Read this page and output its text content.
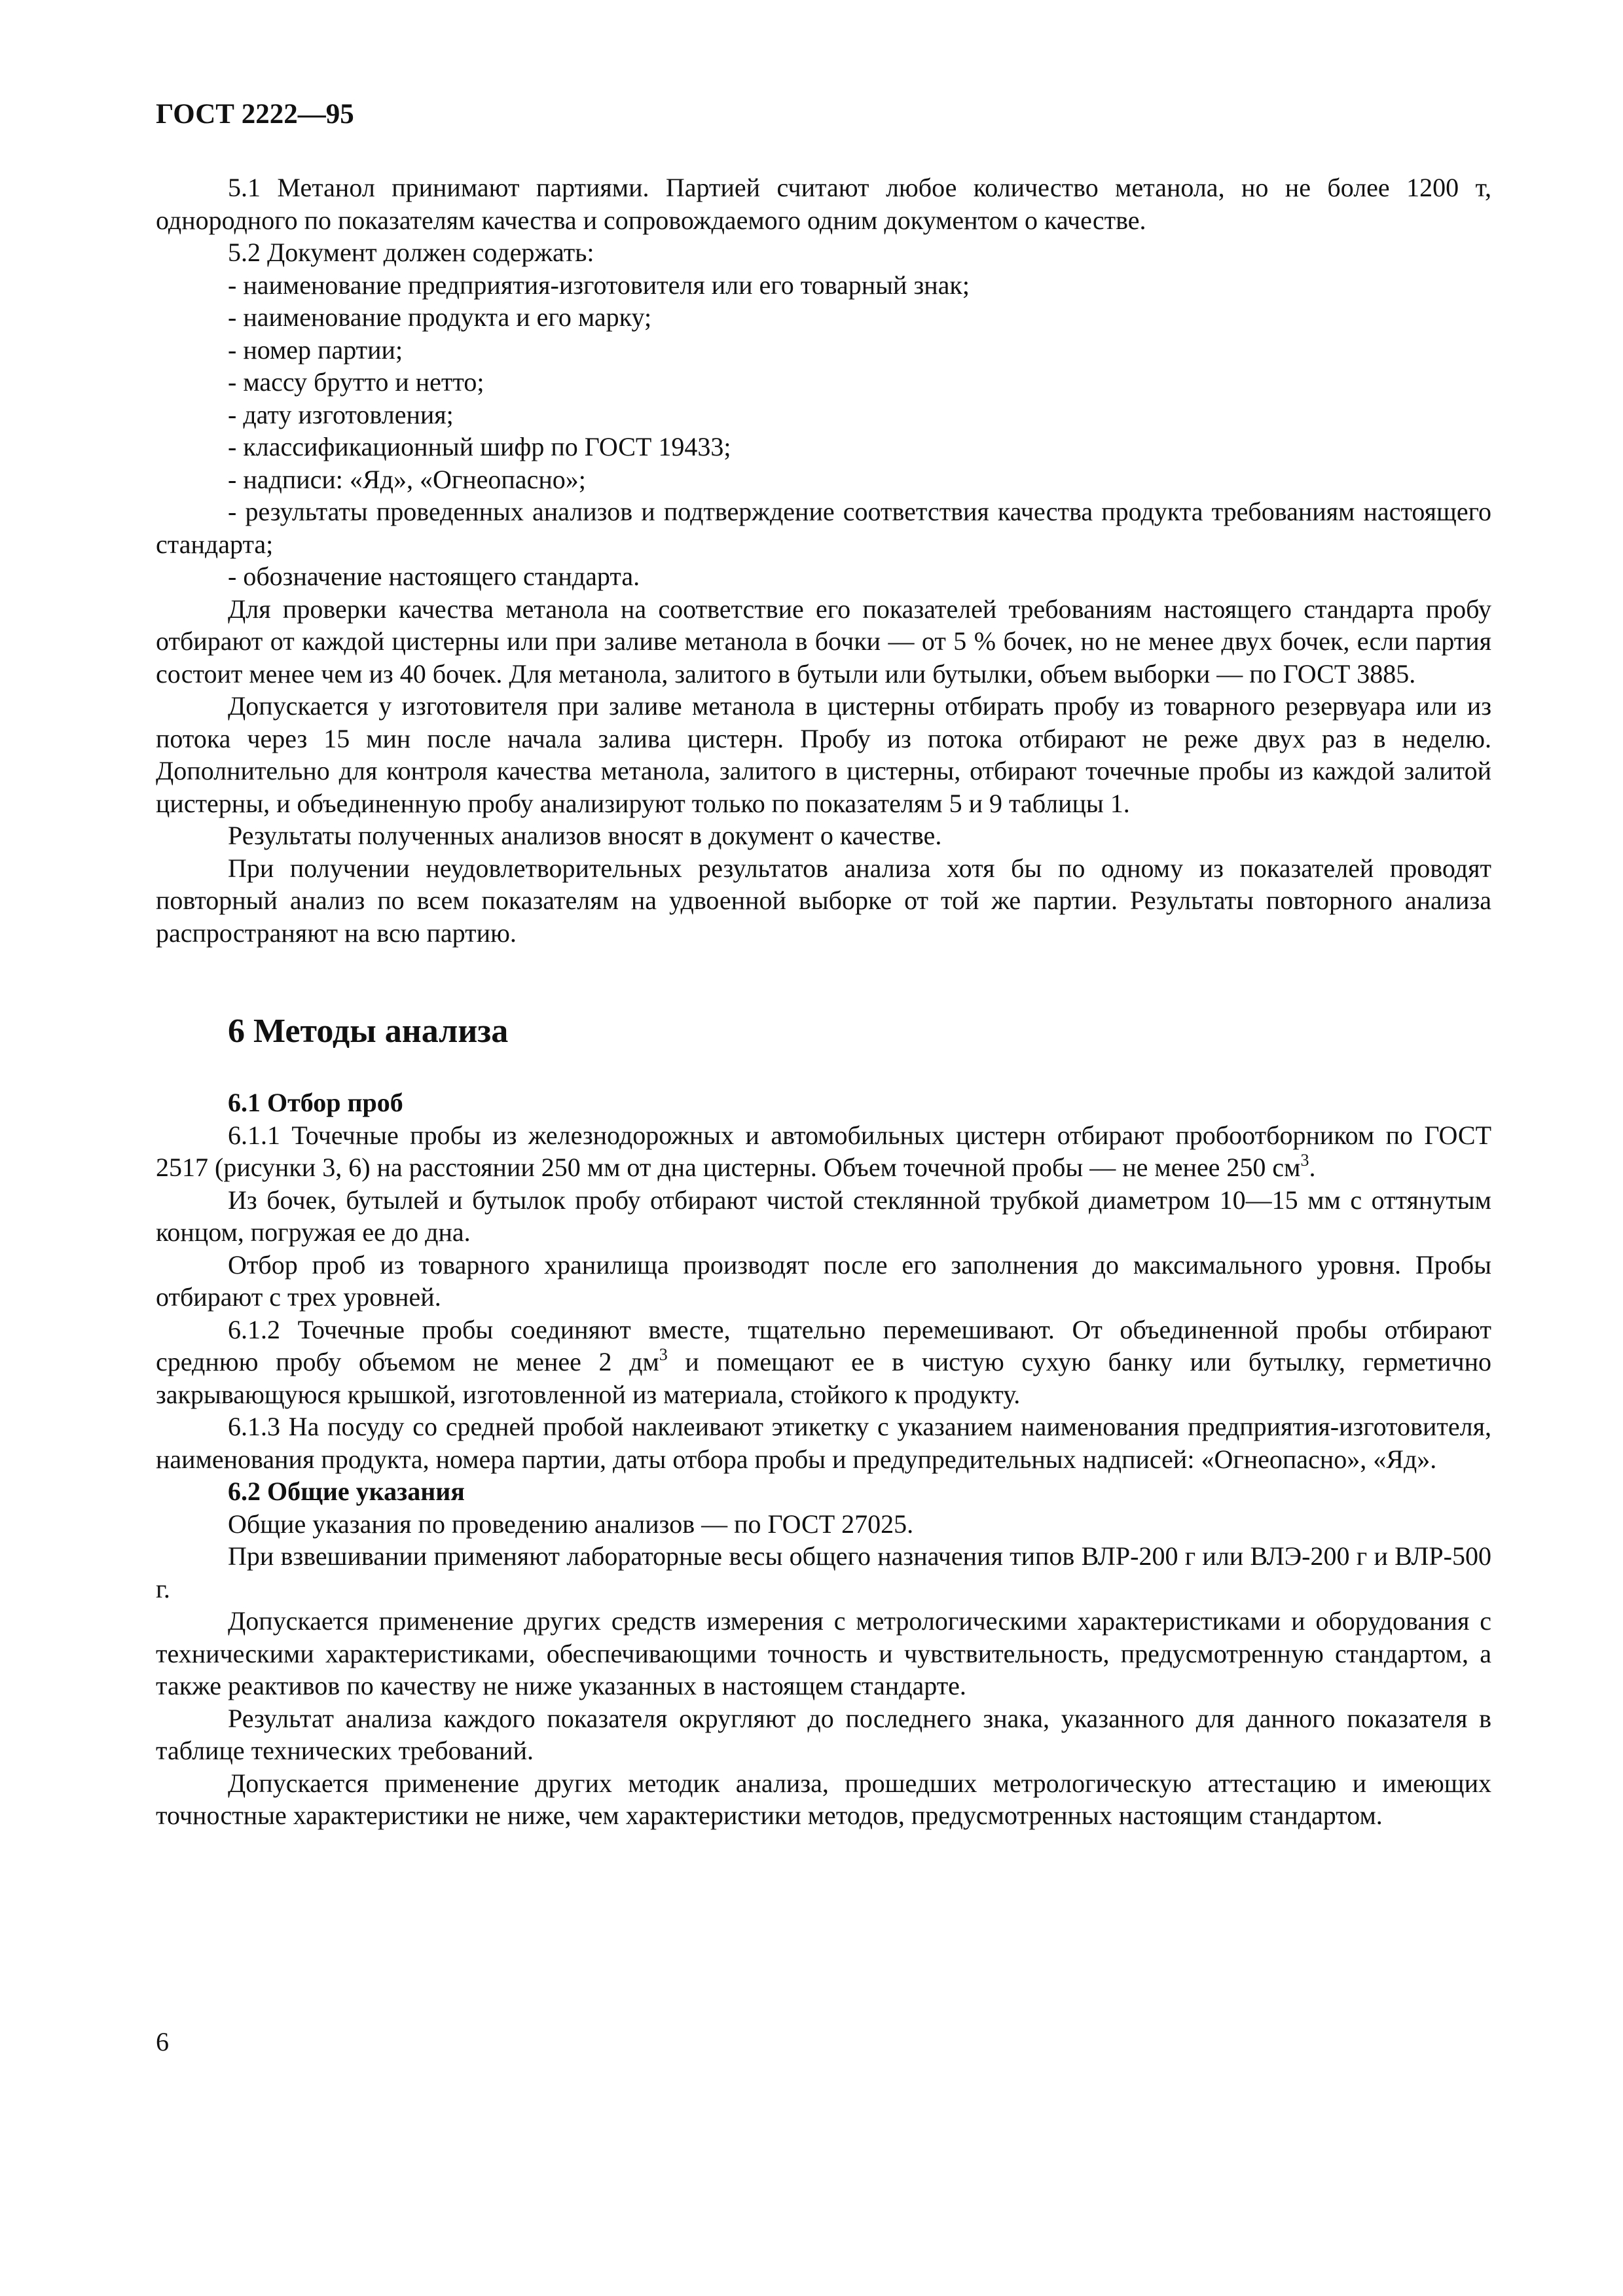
ГОСТ 2222—95

5.1 Метанол принимают партиями. Партией считают любое количество метанола, но не более 1200 т, однородного по показателям качества и сопровождаемого одним документом о качестве.

5.2 Документ должен содержать:

- наименование предприятия-изготовителя или его товарный знак;

- наименование продукта и его марку;

- номер партии;

- массу брутто и нетто;

- дату изготовления;

- классификационный шифр по ГОСТ 19433;

- надписи: «Яд», «Огнеопасно»;

- результаты проведенных анализов и подтверждение соответствия качества продукта требованиям настоящего стандарта;

- обозначение настоящего стандарта.

Для проверки качества метанола на соответствие его показателей требованиям настоящего стандарта пробу отбирают от каждой цистерны или при заливе метанола в бочки — от 5 % бочек, но не менее двух бочек, если партия состоит менее чем из 40 бочек. Для метанола, залитого в бутыли или бутылки, объем выборки — по ГОСТ 3885.

Допускается у изготовителя при заливе метанола в цистерны отбирать пробу из товарного резервуара или из потока через 15 мин после начала залива цистерн. Пробу из потока отбирают не реже двух раз в неделю. Дополнительно для контроля качества метанола, залитого в цистерны, отбирают точечные пробы из каждой залитой цистерны, и объединенную пробу анализируют только по показателям 5 и 9 таблицы 1.

Результаты полученных анализов вносят в документ о качестве.

При получении неудовлетворительных результатов анализа хотя бы по одному из показателей проводят повторный анализ по всем показателям на удвоенной выборке от той же партии. Результаты повторного анализа распространяют на всю партию.

6 Методы анализа

6.1 Отбор проб

6.1.1 Точечные пробы из железнодорожных и автомобильных цистерн отбирают пробоотборником по ГОСТ 2517 (рисунки 3, 6) на расстоянии 250 мм от дна цистерны. Объем точечной пробы — не менее 250 $см^3$.

Из бочек, бутылей и бутылок пробу отбирают чистой стеклянной трубкой диаметром 10—15 мм с оттянутым концом, погружая ее до дна.

Отбор проб из товарного хранилища производят после его заполнения до максимального уровня. Пробы отбирают с трех уровней.

6.1.2 Точечные пробы соединяют вместе, тщательно перемешивают. От объединенной пробы отбирают среднюю пробу объемом не менее 2 $дм^3$ и помещают ее в чистую сухую банку или бутылку, герметично закрывающуюся крышкой, изготовленной из материала, стойкого к продукту.

6.1.3 На посуду со средней пробой наклеивают этикетку с указанием наименования предприятия-изготовителя, наименования продукта, номера партии, даты отбора пробы и предупредительных надписей: «Огнеопасно», «Яд».

6.2 Общие указания

Общие указания по проведению анализов — по ГОСТ 27025.

При взвешивании применяют лабораторные весы общего назначения типов ВЛР-200 г или ВЛЭ-200 г и ВЛР-500 г.

Допускается применение других средств измерения с метрологическими характеристиками и оборудования с техническими характеристиками, обеспечивающими точность и чувствительность, предусмотренную стандартом, а также реактивов по качеству не ниже указанных в настоящем стандарте.

Результат анализа каждого показателя округляют до последнего знака, указанного для данного показателя в таблице технических требований.

Допускается применение других методик анализа, прошедших метрологическую аттестацию и имеющих точностные характеристики не ниже, чем характеристики методов, предусмотренных настоящим стандартом.

6
